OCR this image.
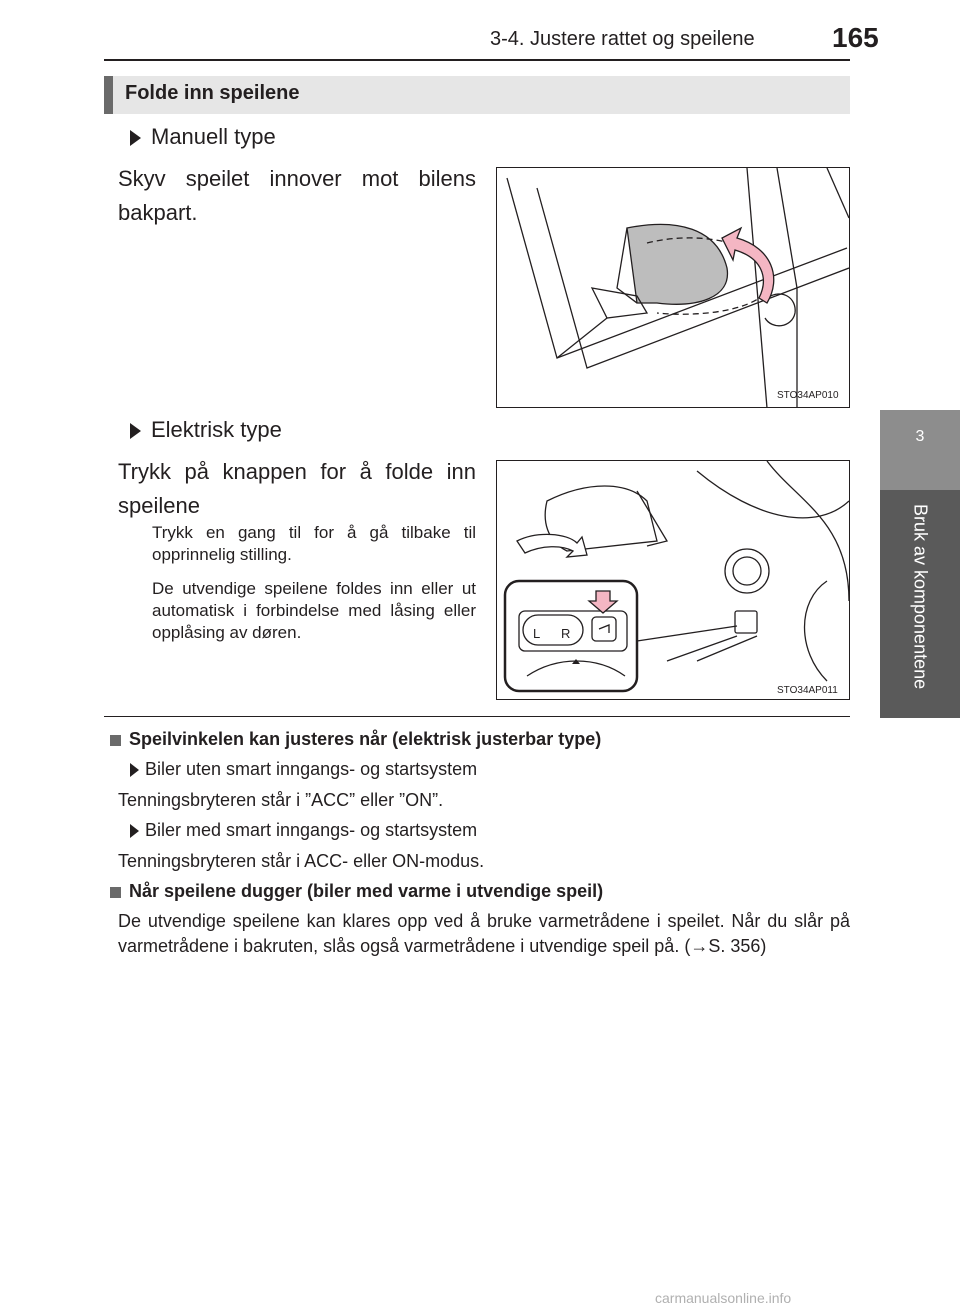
3-4. Justere rattet og speilene	165
3
Bruk av komponentene
Folde inn speilene
Manuell type
Skyv speilet innover mot bilens bakpart.
STO34AP010
Elektrisk type
Trykk på knappen for å folde inn speilene
Trykk en gang til for å gå tilbake til opprinnelig stilling.
De utvendige speilene foldes inn eller ut automatisk i forbindelse med låsing eller opplåsing av døren.	L R
STO34AP011
Speilvinkelen kan justeres når (elektrisk justerbar type)
Biler uten smart inngangs- og startsystem
Tenningsbryteren står i ”ACC” eller ”ON”.
Biler med smart inngangs- og startsystem
Tenningsbryteren står i ACC- eller ON-modus.
Når speilene dugger (biler med varme i utvendige speil)
De utvendige speilene kan klares opp ved å bruke varmetrådene i speilet. Når du slår på varmetrådene i bakruten, slås også varmetrådene i utvendige speil på. (→S. 356)
carmanualsonline.info
